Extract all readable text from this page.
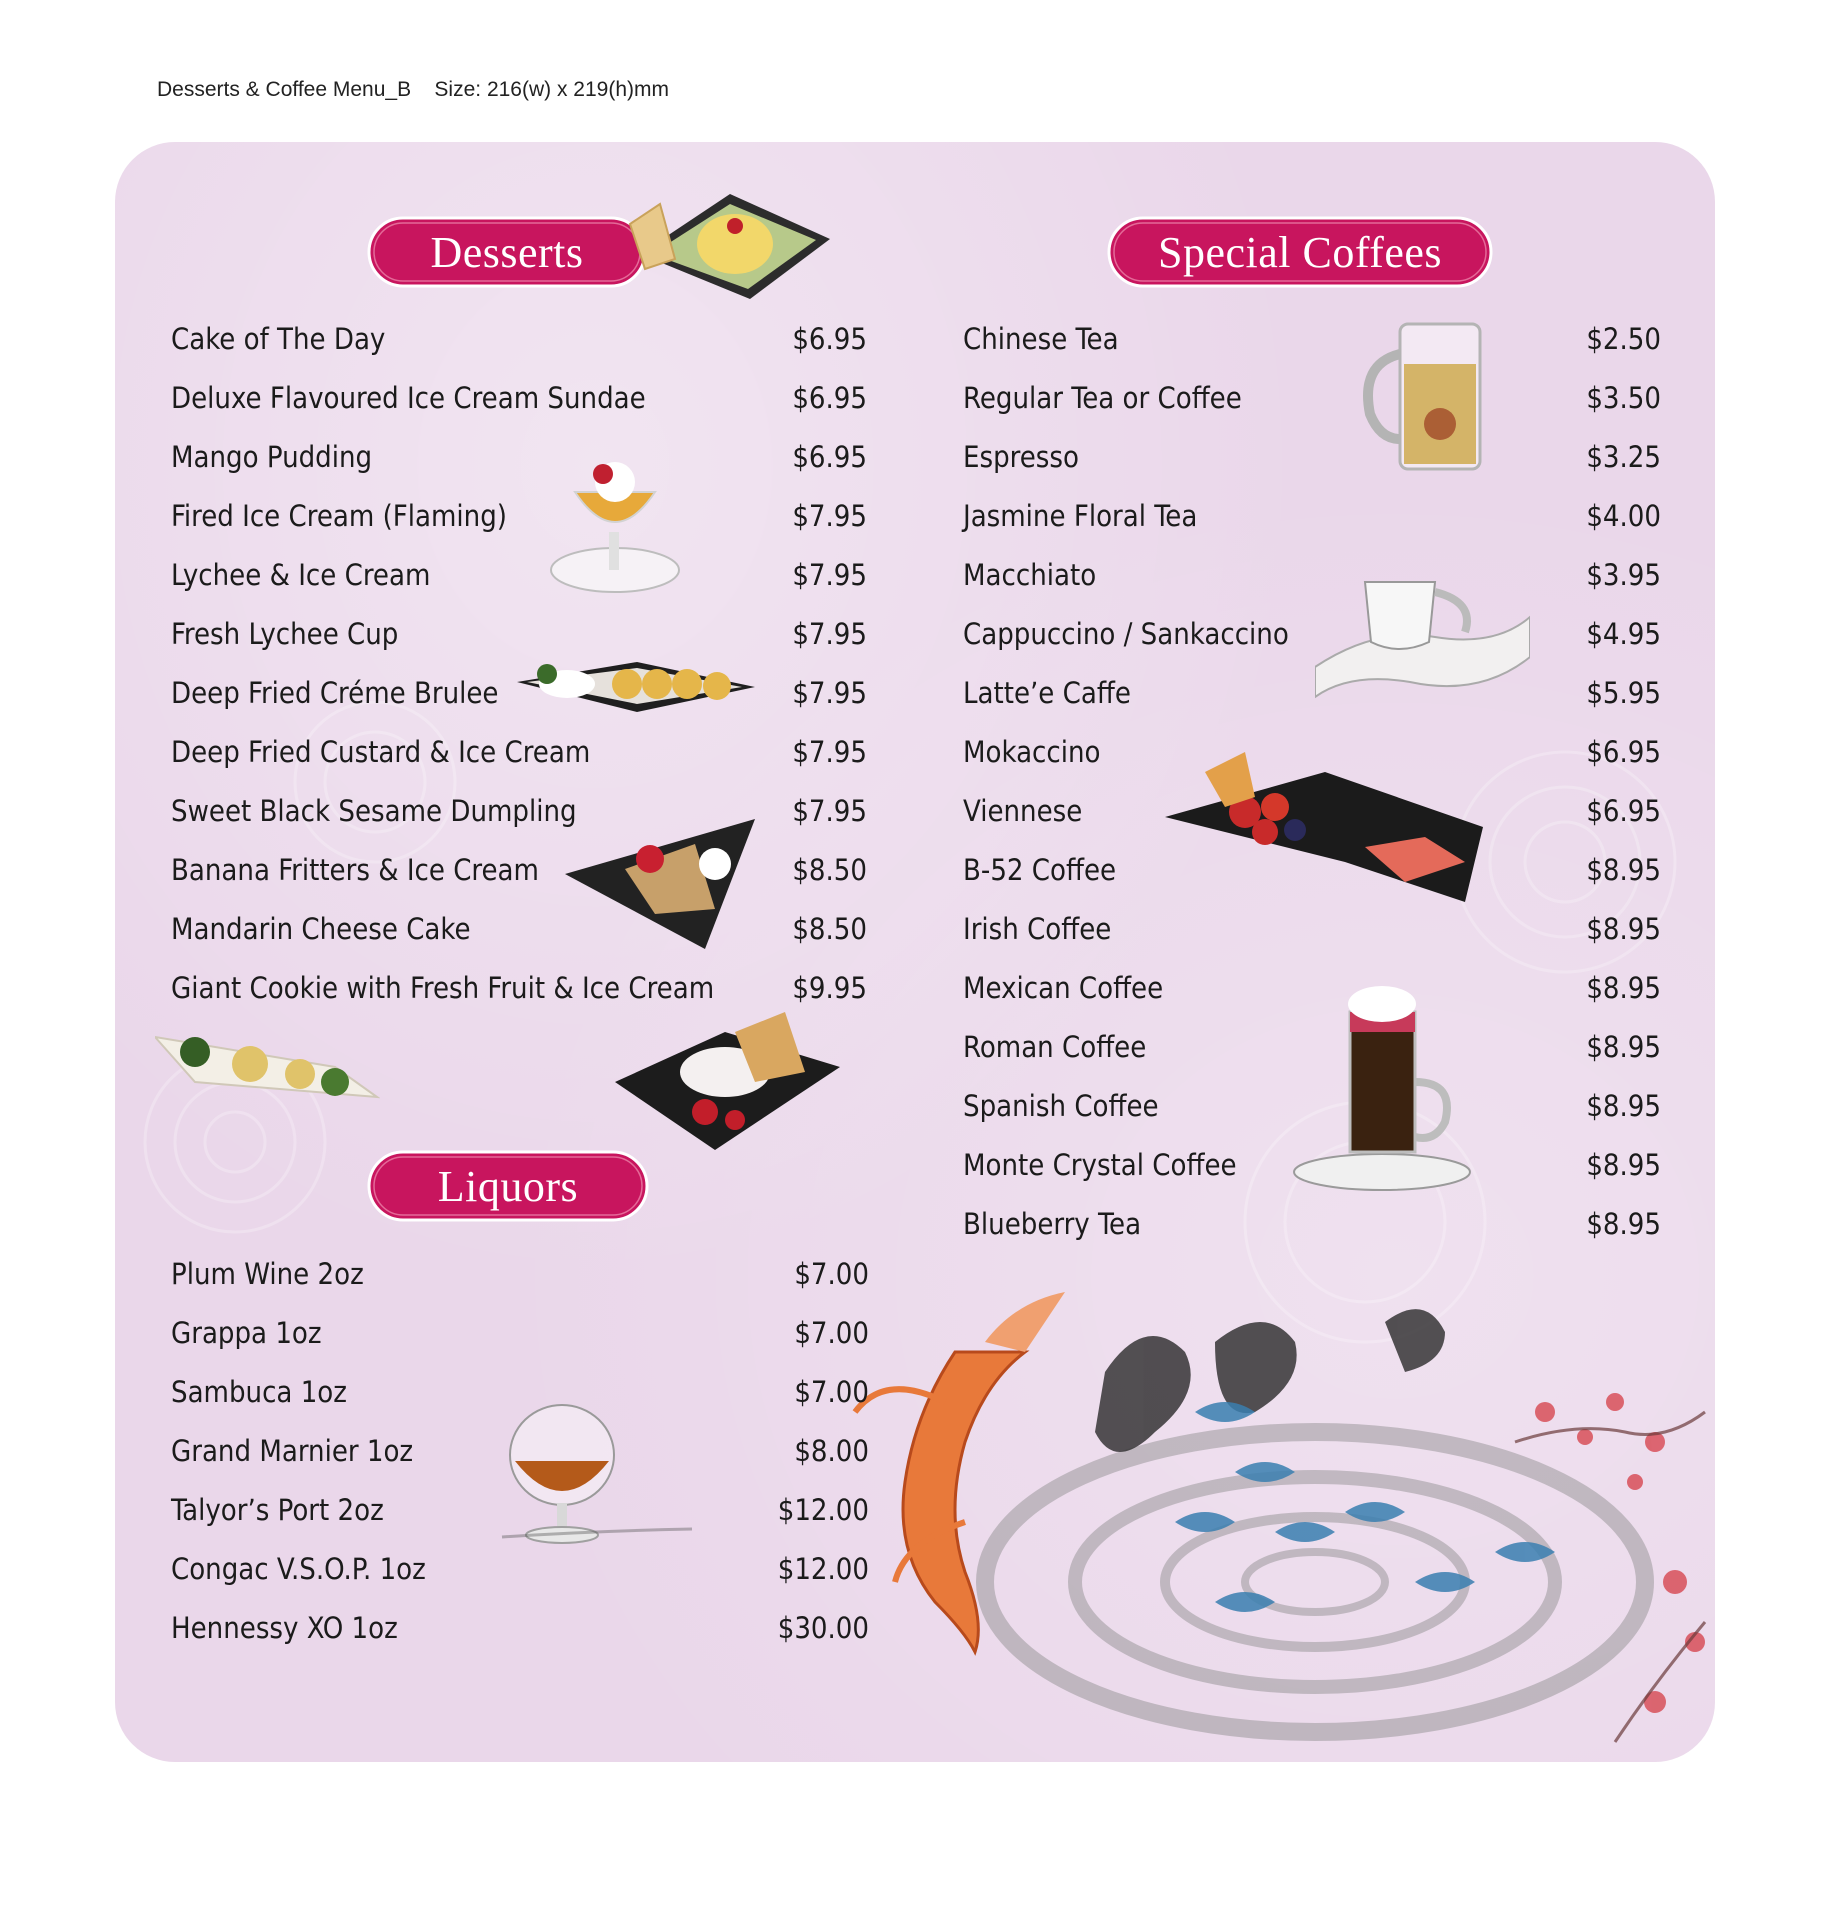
Desserts & Coffee Menu_B Size: 216(w) x 219(h)mm
Desserts	Special Coffees
Liquors
Cake of The Day	$6.95
Deluxe Flavoured Ice Cream Sundae	$6.95
Mango Pudding	$6.95
Fired Ice Cream (Flaming)	$7.95
Lychee & Ice Cream	$7.95
Fresh Lychee Cup	$7.95
Deep Fried Créme Brulee	$7.95
Deep Fried Custard & Ice Cream	$7.95
Sweet Black Sesame Dumpling	$7.95
Banana Fritters & Ice Cream	$8.50
Mandarin Cheese Cake	$8.50
Giant Cookie with Fresh Fruit & Ice Cream	$9.95
Plum Wine 2oz	$7.00
Grappa 1oz	$7.00
Sambuca 1oz	$7.00
Grand Marnier 1oz	$8.00
Talyor’s Port 2oz	$12.00
Congac V.S.O.P. 1oz	$12.00
Hennessy XO 1oz	$30.00
Chinese Tea	$2.50
Regular Tea or Coffee	$3.50
Espresso	$3.25
Jasmine Floral Tea	$4.00
Macchiato	$3.95
Cappuccino / Sankaccino	$4.95
Latte’e Caffe	$5.95
Mokaccino	$6.95
Viennese	$6.95
B-52 Coffee	$8.95
Irish Coffee	$8.95
Mexican Coffee	$8.95
Roman Coffee	$8.95
Spanish Coffee	$8.95
Monte Crystal Coffee	$8.95
Blueberry Tea	$8.95
